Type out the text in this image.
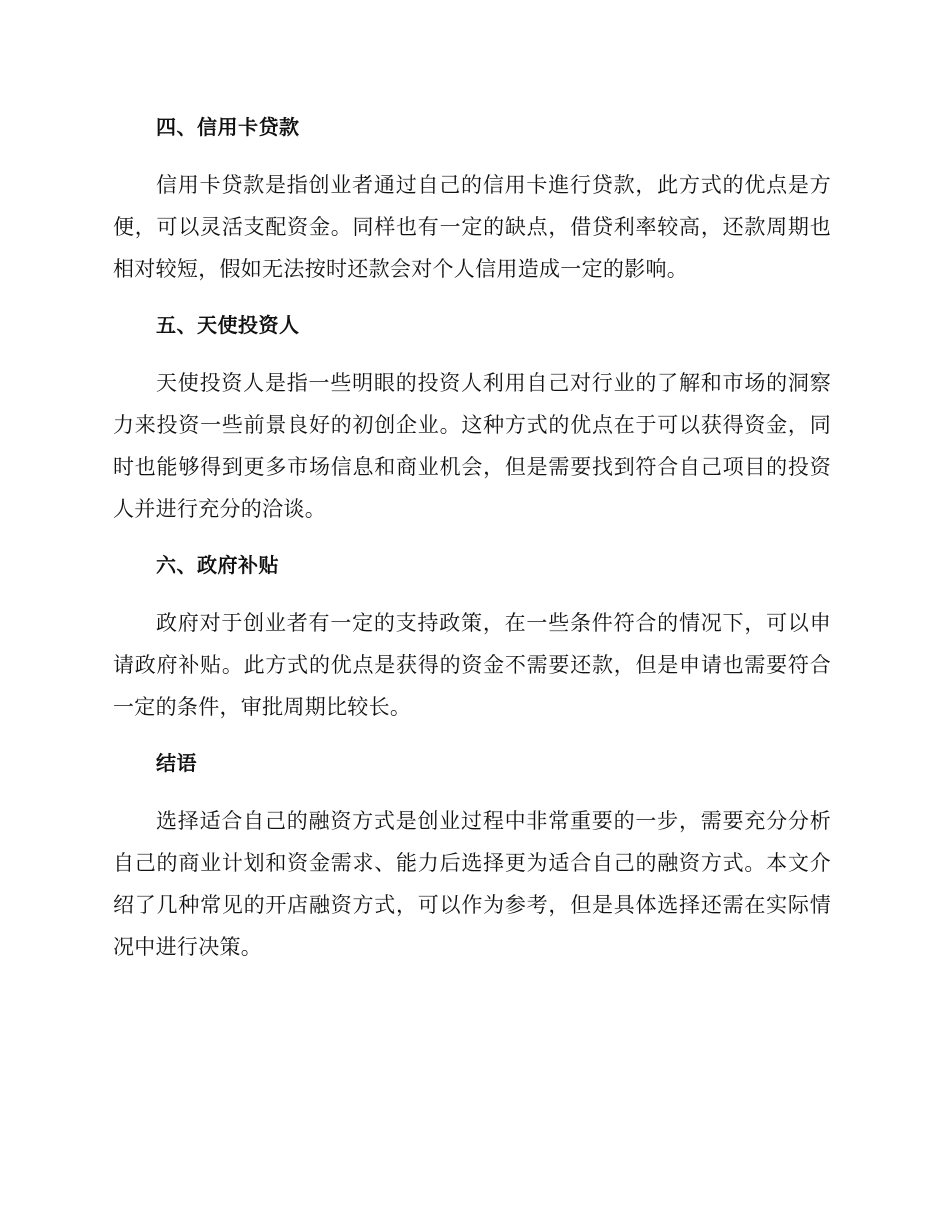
四、信用卡贷款

信用卡贷款是指创业者通过自己的信用卡進行贷款，此方式的优点是方便，可以灵活支配资金。同样也有一定的缺点，借贷利率较高，还款周期也相对较短，假如无法按时还款会对个人信用造成一定的影响。

五、天使投资人

天使投资人是指一些明眼的投资人利用自己对行业的了解和市场的洞察力来投资一些前景良好的初创企业。这种方式的优点在于可以获得资金，同时也能够得到更多市场信息和商业机会，但是需要找到符合自己项目的投资人并进行充分的洽谈。

六、政府补贴

政府对于创业者有一定的支持政策，在一些条件符合的情况下，可以申请政府补贴。此方式的优点是获得的资金不需要还款，但是申请也需要符合一定的条件，审批周期比较长。

结语

选择适合自己的融资方式是创业过程中非常重要的一步，需要充分分析自己的商业计划和资金需求、能力后选择更为适合自己的融资方式。本文介绍了几种常见的开店融资方式，可以作为参考，但是具体选择还需在实际情况中进行决策。
